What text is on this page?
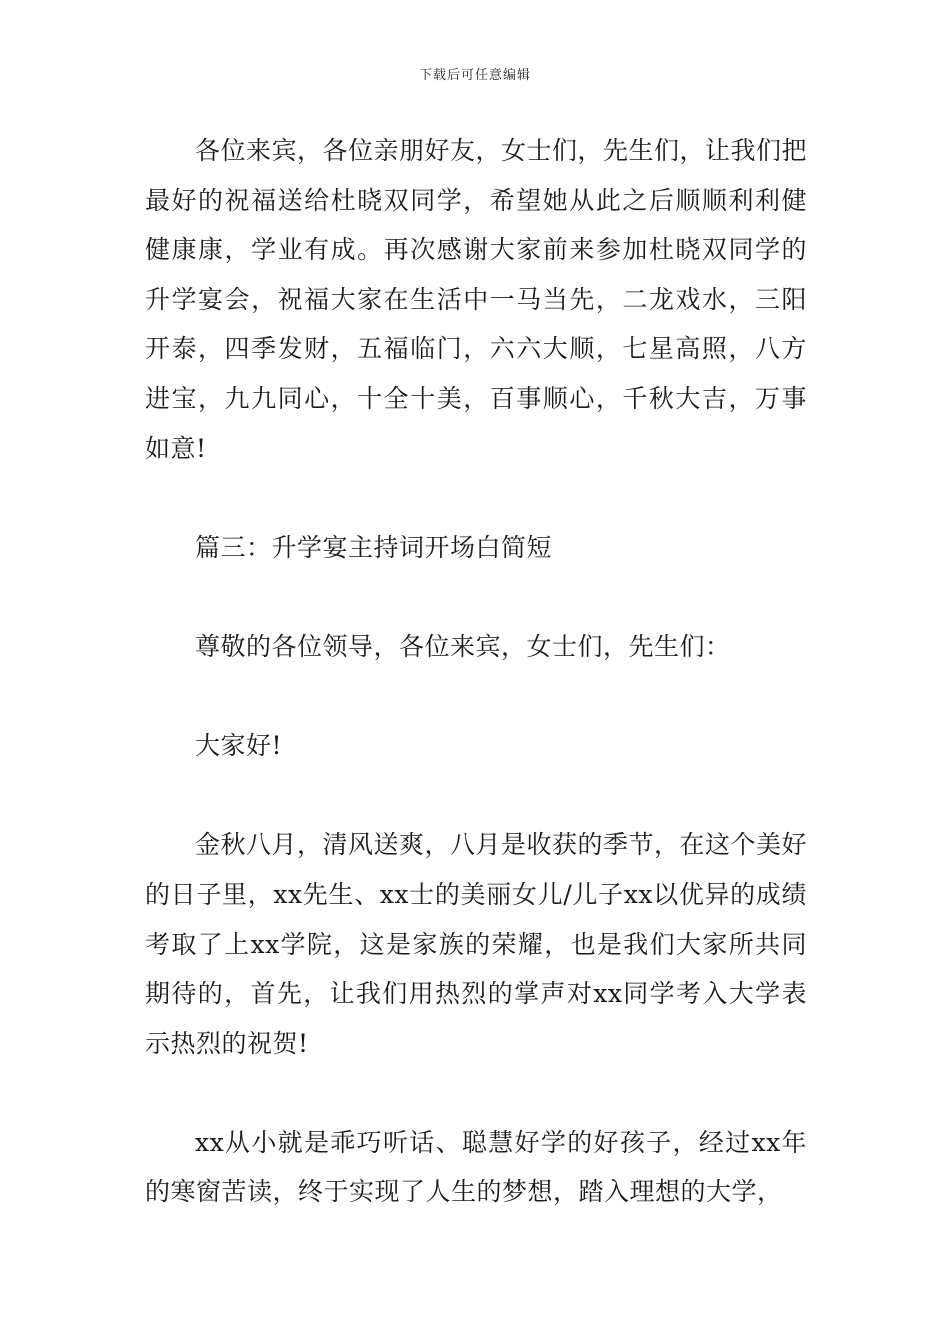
下载后可任意编辑

各位来宾，各位亲朋好友，女士们，先生们，让我们把最好的祝福送给杜晓双同学，希望她从此之后顺顺利利健健康康，学业有成。再次感谢大家前来参加杜晓双同学的升学宴会，祝福大家在生活中一马当先，二龙戏水，三阳开泰，四季发财，五福临门，六六大顺，七星高照，八方进宝，九九同心，十全十美，百事顺心，千秋大吉，万事如意!

篇三：升学宴主持词开场白简短

尊敬的各位领导，各位来宾，女士们，先生们：

大家好!

金秋八月，清风送爽，八月是收获的季节，在这个美好的日子里，xx先生、xx士的美丽女儿/儿子xx以优异的成绩考取了上xx学院，这是家族的荣耀，也是我们大家所共同期待的，首先，让我们用热烈的掌声对xx同学考入大学表示热烈的祝贺!

xx从小就是乖巧听话、聪慧好学的好孩子，经过xx年的寒窗苦读，终于实现了人生的梦想，踏入理想的大学，
